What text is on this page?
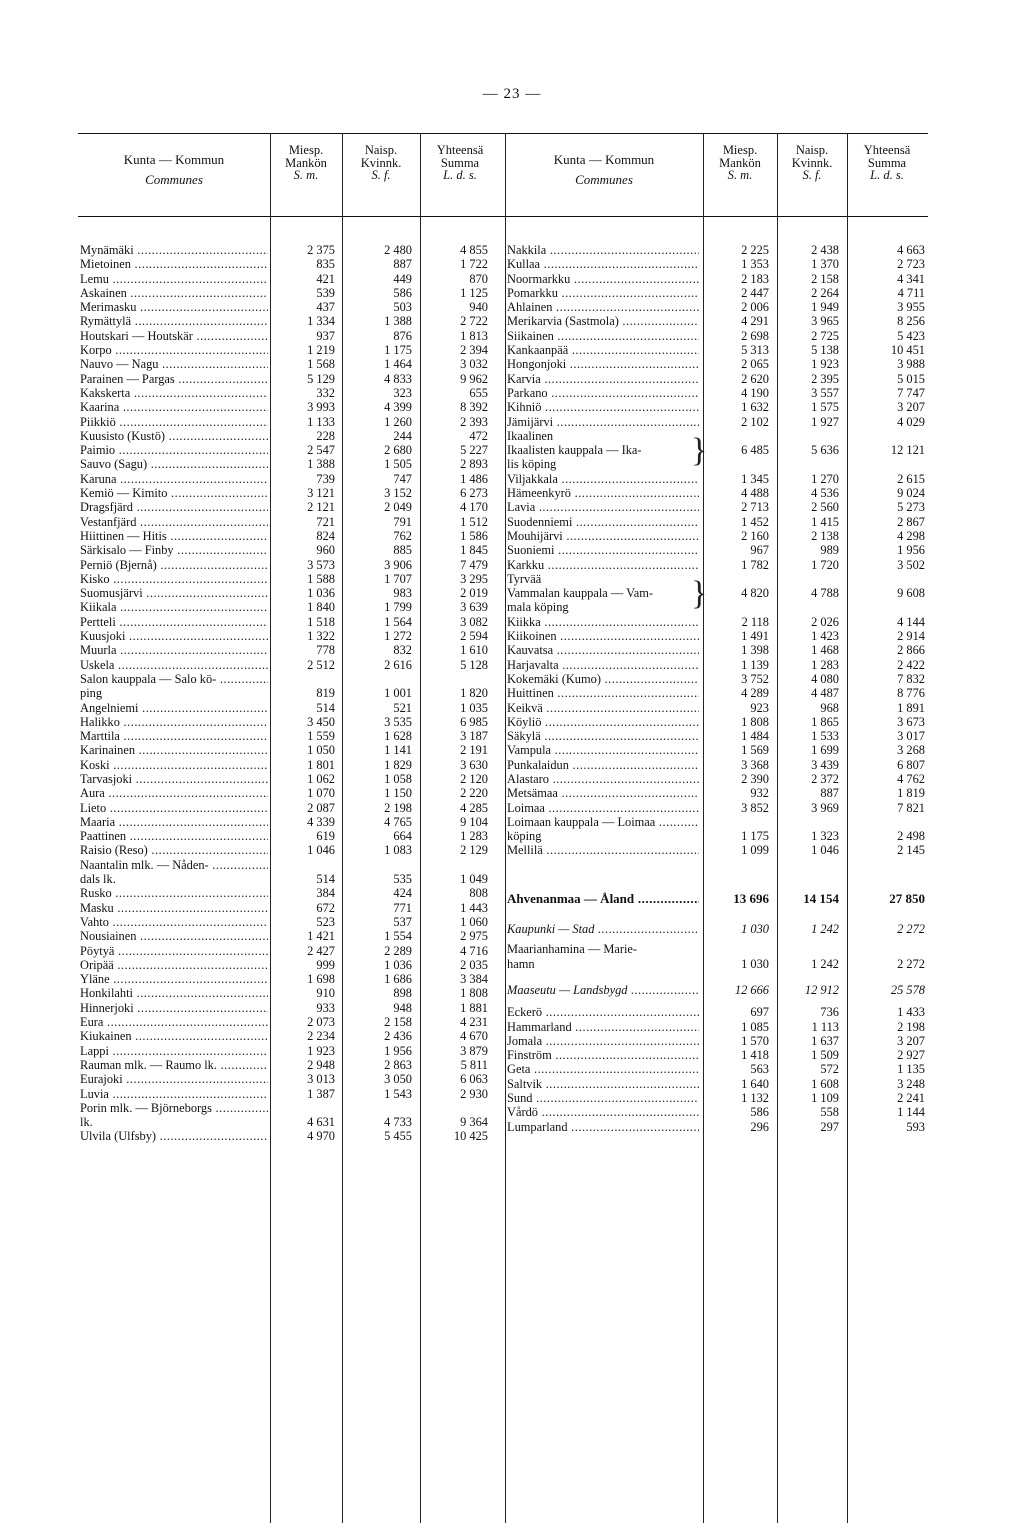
— 23 —
Kunta — Kommun
Communes
Miesp.
Mankön
S. m.
Naisp.
Kvinnk.
S. f.
Yhteensä
Summa
L. d. s.
Mynämäki .....	2 375	2 480	4 855
Mietoinen .....	835	887	1 722
Lemu .....	421	449	870
Askainen .....	539	586	1 125
Merimasku .....	437	503	940
Rymättylä .....	1 334	1 388	2 722
Houtskari — Houtskär .....	937	876	1 813
Korpo .....	1 219	1 175	2 394
Nauvo — Nagu .....	1 568	1 464	3 032
Parainen — Pargas .....	5 129	4 833	9 962
Kakskerta .....	332	323	655
Kaarina .....	3 993	4 399	8 392
Piikkiö .....	1 133	1 260	2 393
Kuusisto (Kustö) .....	228	244	472
Paimio .....	2 547	2 680	5 227
Sauvo (Sagu) .....	1 388	1 505	2 893
Karuna .....	739	747	1 486
Kemiö — Kimito .....	3 121	3 152	6 273
Dragsfjärd .....	2 121	2 049	4 170
Vestanfjärd .....	721	791	1 512
Hiittinen — Hitis .....	824	762	1 586
Särkisalo — Finby .....	960	885	1 845
Perniö (Bjernå) .....	3 573	3 906	7 479
Kisko .....	1 588	1 707	3 295
Suomusjärvi .....	1 036	983	2 019
Kiikala .....	1 840	1 799	3 639
Pertteli .....	1 518	1 564	3 082
Kuusjoki .....	1 322	1 272	2 594
Muurla .....	778	832	1 610
Uskela .....	2 512	2 616	5 128
Salon kauppala — Salo kö- .....
ping	819	1 001	1 820
Angelniemi .....	514	521	1 035
Halikko .....	3 450	3 535	6 985
Marttila .....	1 559	1 628	3 187
Karinainen .....	1 050	1 141	2 191
Koski .....	1 801	1 829	3 630
Tarvasjoki .....	1 062	1 058	2 120
Aura .....	1 070	1 150	2 220
Lieto .....	2 087	2 198	4 285
Maaria .....	4 339	4 765	9 104
Paattinen .....	619	664	1 283
Raisio (Reso) .....	1 046	1 083	2 129
Naantalin mlk. — Nåden- .....
dals lk.	514	535	1 049
Rusko .....	384	424	808
Masku .....	672	771	1 443
Vahto .....	523	537	1 060
Nousiainen .....	1 421	1 554	2 975
Pöytyä .....	2 427	2 289	4 716
Oripää .....	999	1 036	2 035
Yläne .....	1 698	1 686	3 384
Honkilahti .....	910	898	1 808
Hinnerjoki .....	933	948	1 881
Eura .....	2 073	2 158	4 231
Kiukainen .....	2 234	2 436	4 670
Lappi .....	1 923	1 956	3 879
Rauman mlk. — Raumo lk. .....	2 948	2 863	5 811
Eurajoki .....	3 013	3 050	6 063
Luvia .....	1 387	1 543	2 930
Porin mlk. — Björneborgs .....
lk.	4 631	4 733	9 364
Ulvila (Ulfsby) .....	4 970	5 455	10 425
Kunta — Kommun
Communes
Miesp.
Mankön
S. m.
Naisp.
Kvinnk.
S. f.
Yhteensä
Summa
L. d. s.
Nakkila .....	2 225	2 438	4 663
Kullaa .....	1 353	1 370	2 723
Noormarkku .....	2 183	2 158	4 341
Pomarkku .....	2 447	2 264	4 711
Ahlainen .....	2 006	1 949	3 955
Merikarvia (Sastmola) .....	4 291	3 965	8 256
Siikainen .....	2 698	2 725	5 423
Kankaanpää .....	5 313	5 138	10 451
Hongonjoki .....	2 065	1 923	3 988
Karvia .....	2 620	2 395	5 015
Parkano .....	4 190	3 557	7 747
Kihniö .....	1 632	1 575	3 207
Jämijärvi .....	2 102	1 927	4 029
Ikaalinen
Ikaalisten kauppala — Ika-
lis köping	}	6 485	5 636	12 121
Viljakkala .....	1 345	1 270	2 615
Hämeenkyrö .....	4 488	4 536	9 024
Lavia .....	2 713	2 560	5 273
Suodenniemi .....	1 452	1 415	2 867
Mouhijärvi .....	2 160	2 138	4 298
Suoniemi .....	967	989	1 956
Karkku .....	1 782	1 720	3 502
Tyrvää
Vammalan kauppala — Vam-
mala köping	}	4 820	4 788	9 608
Kiikka .....	2 118	2 026	4 144
Kiikoinen .....	1 491	1 423	2 914
Kauvatsa .....	1 398	1 468	2 866
Harjavalta .....	1 139	1 283	2 422
Kokemäki (Kumo) .....	3 752	4 080	7 832
Huittinen .....	4 289	4 487	8 776
Keikvä .....	923	968	1 891
Köyliö .....	1 808	1 865	3 673
Säkylä .....	1 484	1 533	3 017
Vampula .....	1 569	1 699	3 268
Punkalaidun .....	3 368	3 439	6 807
Alastaro .....	2 390	2 372	4 762
Metsämaa .....	932	887	1 819
Loimaa .....	3 852	3 969	7 821
Loimaan kauppala — Loimaa .....
köping	1 175	1 323	2 498
Mellilä .....	1 099	1 046	2 145
Ahvenanmaa — Åland .....	13 696	14 154	27 850
Kaupunki — Stad .....	1 030	1 242	2 272
Maarianhamina — Marie-
hamn	1 030	1 242	2 272
Maaseutu — Landsbygd .....	12 666	12 912	25 578
Eckerö .....	697	736	1 433
Hammarland .....	1 085	1 113	2 198
Jomala .....	1 570	1 637	3 207
Finström .....	1 418	1 509	2 927
Geta .....	563	572	1 135
Saltvik .....	1 640	1 608	3 248
Sund .....	1 132	1 109	2 241
Vårdö .....	586	558	1 144
Lumparland .....	296	297	593
